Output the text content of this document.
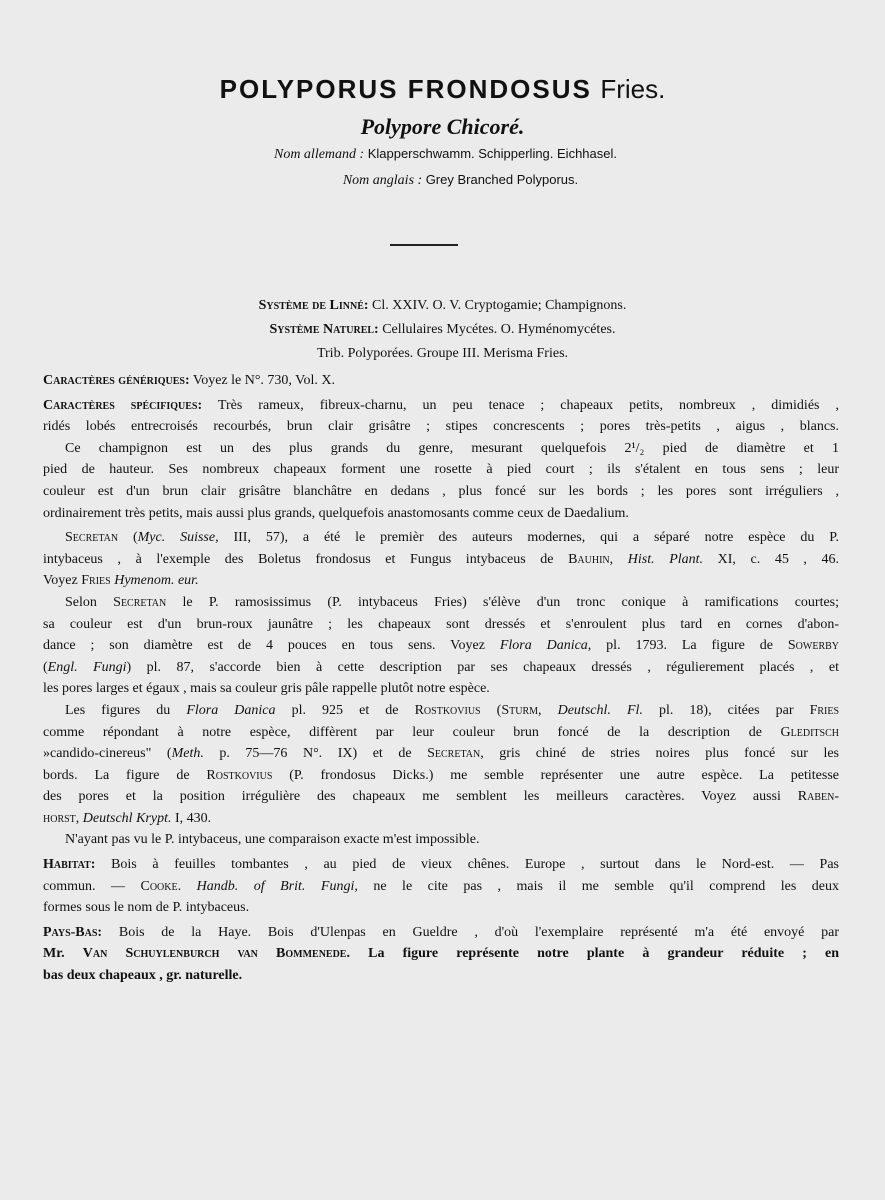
POLYPORUS FRONDOSUS Fries.
Polypore Chicoré.
Nom allemand : Klapperschwamm. Schipperling. Eichhasel.
Nom anglais : Grey Branched Polyporus.
Système de Linné: Cl. XXIV. O. V. Cryptogamie; Champignons.
Système Naturel: Cellulaires Mycétes. O. Hyménomycétes.
Trib. Polyporées. Groupe III. Merisma Fries.
Caractères génériques: Voyez le N°. 730, Vol. X.
Caractères spécifiques: Très rameux, fibreux-charnu, un peu tenace ; chapeaux petits, nombreux , dimidiés ,
ridés lobés entrecroisés recourbés, brun clair grisâtre ; stipes concrescents ; pores très-petits , aigus , blancs.
Ce champignon est un des plus grands du genre, mesurant quelquefois 2¹/₂ pied de diamètre et 1
pied de hauteur. Ses nombreux chapeaux forment une rosette à pied court ; ils s'étalent en tous sens ; leur
couleur est d'un brun clair grisâtre blanchâtre en dedans , plus foncé sur les bords ; les pores sont irréguliers ,
ordinairement très petits, mais aussi plus grands, quelquefois anastomosants comme ceux de Daedalium.
Secretan (Myc. Suisse, III, 57), a été le premièr des auteurs modernes, qui a séparé notre espèce du P.
intybaceus , à l'exemple des Boletus frondosus et Fungus intybaceus de Bauhin, Hist. Plant. XI, c. 45 , 46.
Voyez Fries Hymenom. eur.
Selon Secretan le P. ramosissimus (P. intybaceus Fries) s'élève d'un tronc conique à ramifications courtes;
sa couleur est d'un brun-roux jaunâtre ; les chapeaux sont dressés et s'enroulent plus tard en cornes d'abon-
dance ; son diamètre est de 4 pouces en tous sens. Voyez Flora Danica, pl. 1793. La figure de Sowerby
(Engl. Fungi) pl. 87, s'accorde bien à cette description par ses chapeaux dressés , régulierement placés , et
les pores larges et égaux , mais sa couleur gris pâle rappelle plutôt notre espèce.
Les figures du Flora Danica pl. 925 et de Rostkovius (Sturm, Deutschl. Fl. pl. 18), citées par Fries
comme répondant à notre espèce, diffèrent par leur couleur brun foncé de la description de Gleditsch
»candido-cinereus" (Meth. p. 75—76 N°. IX) et de Secretan, gris chiné de stries noires plus foncé sur les
bords. La figure de Rostkovius (P. frondosus Dicks.) me semble représenter une autre espèce. La petitesse
des pores et la position irrégulière des chapeaux me semblent les meilleurs caractères. Voyez aussi Raben-
horst, Deutschl Krypt. I, 430.
N'ayant pas vu le P. intybaceus, une comparaison exacte m'est impossible.
Habitat: Bois à feuilles tombantes , au pied de vieux chênes. Europe , surtout dans le Nord-est. — Pas
commun. — Cooke. Handb. of Brit. Fungi, ne le cite pas , mais il me semble qu'il comprend les deux
formes sous le nom de P. intybaceus.
Pays-Bas: Bois de la Haye. Bois d'Ulenpas en Gueldre , d'où l'exemplaire représenté m'a été envoyé par
Mr. Van Schuylenburch van Bommenede. La figure représente notre plante à grandeur réduite ; en
bas deux chapeaux , gr. naturelle.
